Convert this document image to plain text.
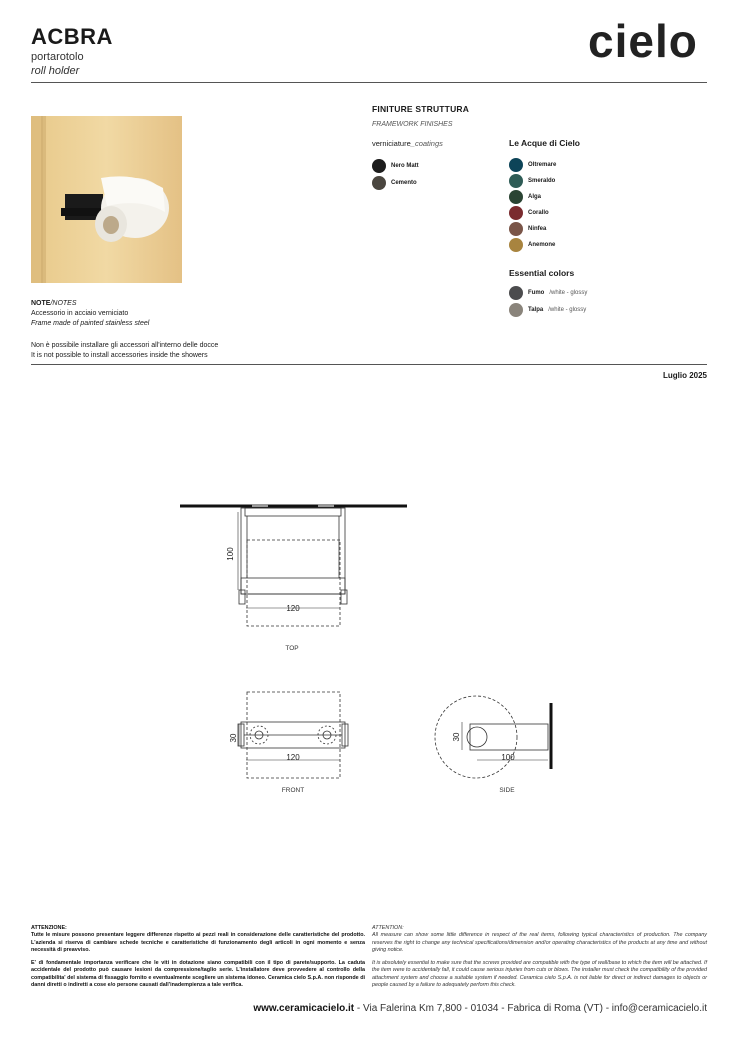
ACBRA
portarotolo
roll holder
cielo
FINITURE STRUTTURA
FRAMEWORK FINISHES
verniciature_coatings
Nero Matt
Cemento
Le Acque di Cielo
Oltremare
Smeraldo
Alga
Corallo
Ninfea
Anemone
Essential colors
Fumo /white - glossy
Talpa /white - glossy
NOTE/NOTES
Accessorio in acciaio verniciato
Frame made of painted stainless steel
Non è possibile installare gli accessori all'interno delle docce
It is not possible to install accessories inside the showers
Luglio 2025
100
120
30
120
30
100
TOP
FRONT	SIDE
ATTENZIONE:
Tutte le misure possono presentare leggere differenze rispetto ai pezzi reali in considerazione delle caratteristiche del prodotto. L'azienda si riserva di cambiare schede tecniche e caratteristiche di funzionamento degli articoli in ogni momento e senza necessità di preavviso.
E' di fondamentale importanza verificare che le viti in dotazione siano compatibili con il tipo di parete/supporto. La caduta accidentale del prodotto può causare lesioni da compressione/taglio serie. L'installatore deve provvedere al controllo della compatibilita' del sistema di fissaggio fornito e eventualmente scegliere un sistema idoneo. Ceramica cielo S.p.A. non risponde di danni diretti o indiretti a cose e/o persone causati dall'inadempienza a tale verifica.
ATTENTION:
All measure can show some little difference in respect of the real items, following typical characteristics of production. The company reserves the right to change any technical specifications/dimension and/or operating characteristics of the products at any time and without giving notice.
It is absolutely essential to make sure that the screws provided are compatible with the type of wall/base to which the item will be attached. If the item were to accidentally fall, it could cause serious injuries from cuts or blows. The installer must check the compatibility of the provided attachment system and choose a suitable system if needed. Ceramica cielo S.p.A. is not liable for direct or indirect damages to objects or people caused by a failure to adequately perform this check.
www.ceramicacielo.it - Via Falerina Km 7,800 - 01034 - Fabrica di Roma (VT) - info@ceramicacielo.it
